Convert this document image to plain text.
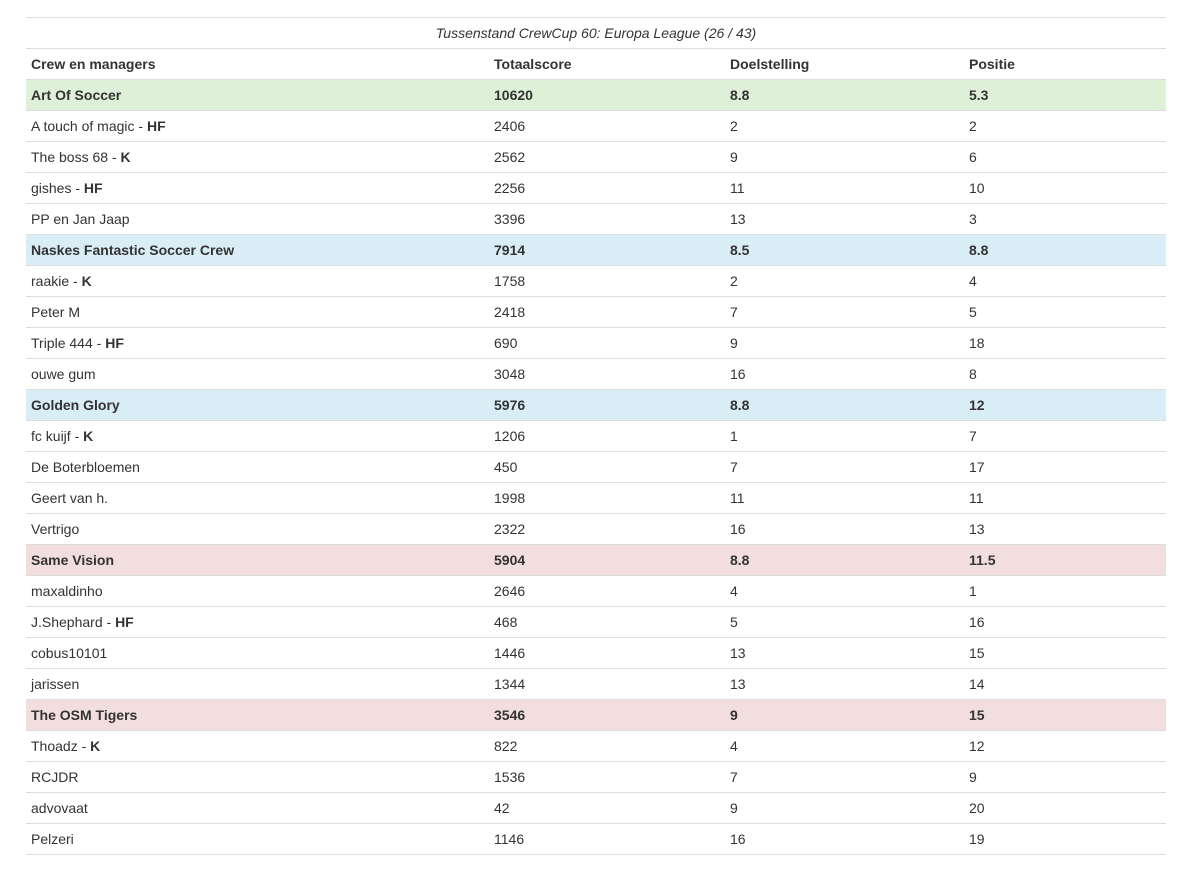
Tussenstand CrewCup 60: Europa League (26 / 43)
Crew en managers	Totaalscore	Doelstelling	Positie
Art Of Soccer	10620	8.8	5.3
A touch of magic - HF	2406	2	2
The boss 68 - K	2562	9	6
gishes - HF	2256	11	10
PP en Jan Jaap	3396	13	3
Naskes Fantastic Soccer Crew	7914	8.5	8.8
raakie - K	1758	2	4
Peter M	2418	7	5
Triple 444 - HF	690	9	18
ouwe gum	3048	16	8
Golden Glory	5976	8.8	12
fc kuijf - K	1206	1	7
De Boterbloemen	450	7	17
Geert van h.	1998	11	11
Vertrigo	2322	16	13
Same Vision	5904	8.8	11.5
maxaldinho	2646	4	1
J.Shephard - HF	468	5	16
cobus10101	1446	13	15
jarissen	1344	13	14
The OSM Tigers	3546	9	15
Thoadz - K	822	4	12
RCJDR	1536	7	9
advovaat	42	9	20
Pelzeri	1146	16	19
